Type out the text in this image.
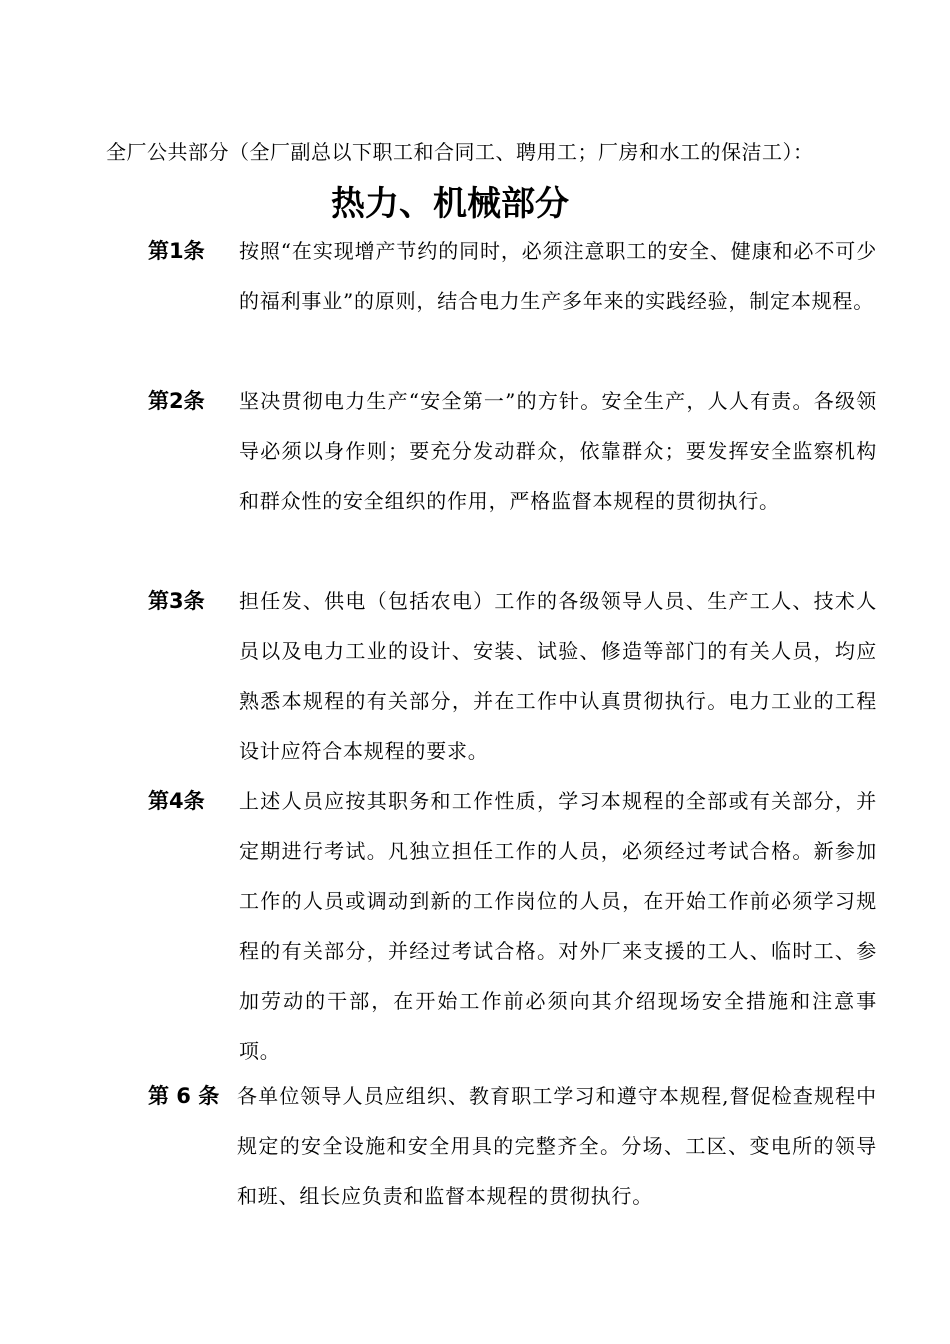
全厂公共部分（全厂副总以下职工和合同工、聘用工；厂房和水工的保洁工）：
热力、机械部分
第1条 按照“在实现增产节约的同时，必须注意职工的安全、健康和必不可少的福利事业”的原则，结合电力生产多年来的实践经验，制定本规程。
第2条 坚决贯彻电力生产“安全第一”的方针。安全生产，人人有责。各级领导必须以身作则；要充分发动群众，依靠群众；要发挥安全监察机构和群众性的安全组织的作用，严格监督本规程的贯彻执行。
第3条 担任发、供电（包括农电）工作的各级领导人员、生产工人、技术人员以及电力工业的设计、安装、试验、修造等部门的有关人员，均应熟悉本规程的有关部分，并在工作中认真贯彻执行。电力工业的工程设计应符合本规程的要求。
第4条 上述人员应按其职务和工作性质，学习本规程的全部或有关部分，并定期进行考试。凡独立担任工作的人员，必须经过考试合格。新参加工作的人员或调动到新的工作岗位的人员，在开始工作前必须学习规程的有关部分，并经过考试合格。对外厂来支援的工人、临时工、参加劳动的干部，在开始工作前必须向其介绍现场安全措施和注意事项。
第 6 条 各单位领导人员应组织、教育职工学习和遵守本规程,督促检查规程中规定的安全设施和安全用具的完整齐全。分场、工区、变电所的领导和班、组长应负责和监督本规程的贯彻执行。
